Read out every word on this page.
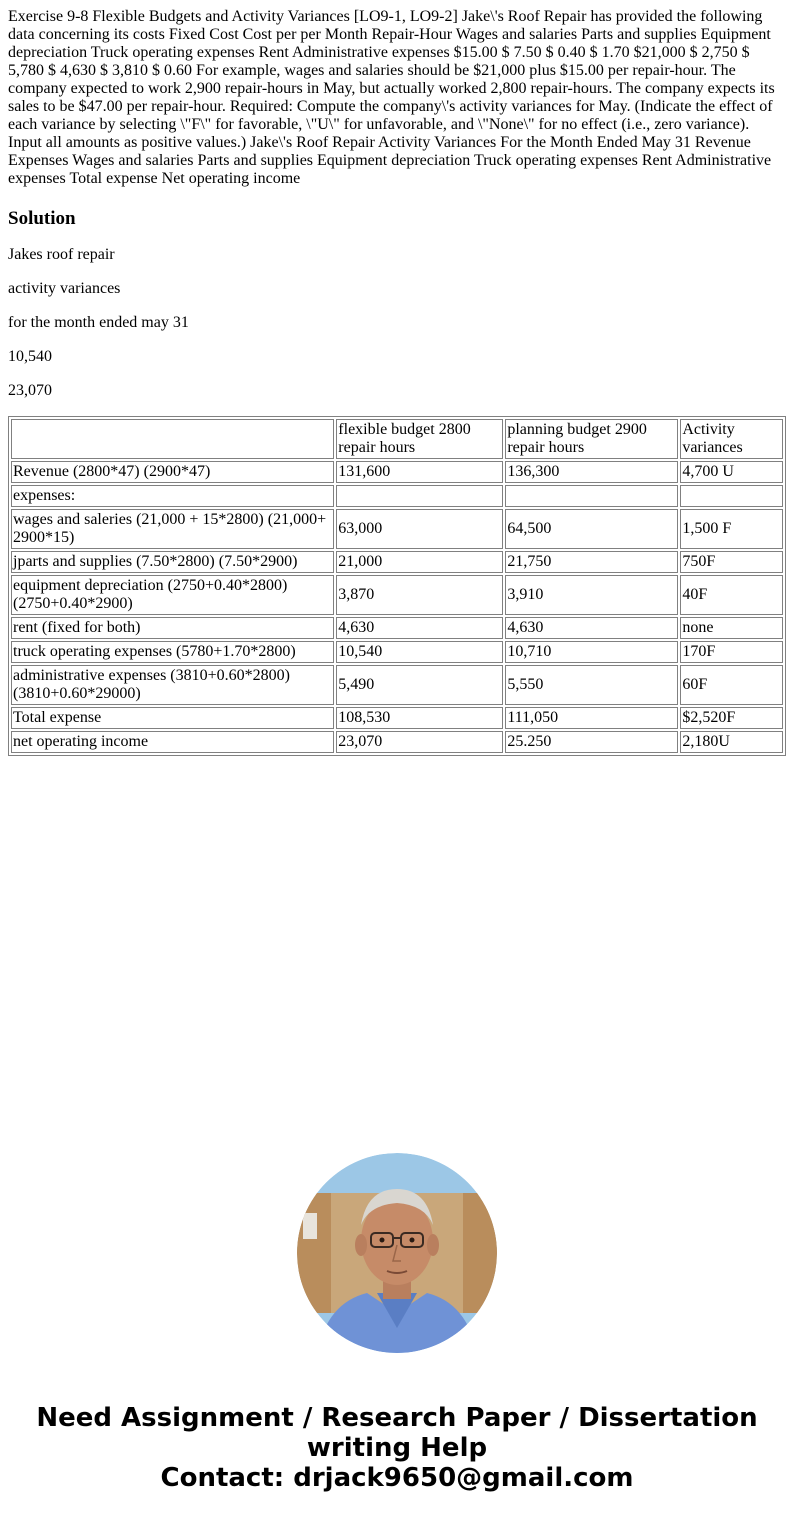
Exercise 9-8 Flexible Budgets and Activity Variances [LO9-1, LO9-2] Jake\'s Roof Repair has provided the following data concerning its costs Fixed Cost Cost per per Month Repair-Hour Wages and salaries Parts and supplies Equipment depreciation Truck operating expenses Rent Administrative expenses $15.00 $ 7.50 $ 0.40 $ 1.70 $21,000 $ 2,750 $ 5,780 $ 4,630 $ 3,810 $ 0.60 For example, wages and salaries should be $21,000 plus $15.00 per repair-hour. The company expected to work 2,900 repair-hours in May, but actually worked 2,800 repair-hours. The company expects its sales to be $47.00 per repair-hour. Required: Compute the company\'s activity variances for May. (Indicate the effect of each variance by selecting \"F\" for favorable, \"U\" for unfavorable, and \"None\" for no effect (i.e., zero variance). Input all amounts as positive values.) Jake\'s Roof Repair Activity Variances For the Month Ended May 31 Revenue Expenses Wages and salaries Parts and supplies Equipment depreciation Truck operating expenses Rent Administrative expenses Total expense Net operating income

Solution

Jakes roof repair

activity variances

for the month ended may 31

10,540

23,070

	flexible budget 2800 repair hours	planning budget 2900 repair hours	Activity variances
Revenue (2800*47) (2900*47)	131,600	136,300	4,700 U
expenses:			
wages and saleries (21,000 + 15*2800) (21,000+ 2900*15)	63,000	64,500	1,500 F
jparts and supplies (7.50*2800) (7.50*2900)	21,000	21,750	750F
equipment depreciation (2750+0.40*2800) (2750+0.40*2900)	3,870	3,910	40F
rent (fixed for both)	4,630	4,630	none
truck operating expenses (5780+1.70*2800)	10,540	10,710	170F
administrative expenses (3810+0.60*2800) (3810+0.60*29000)	5,490	5,550	60F
Total expense	108,530	111,050	$2,520F
net operating income	23,070	25.250	2,180U
Need Assignment / Research Paper / Dissertation writing Help
Contact: drjack9650@gmail.com
